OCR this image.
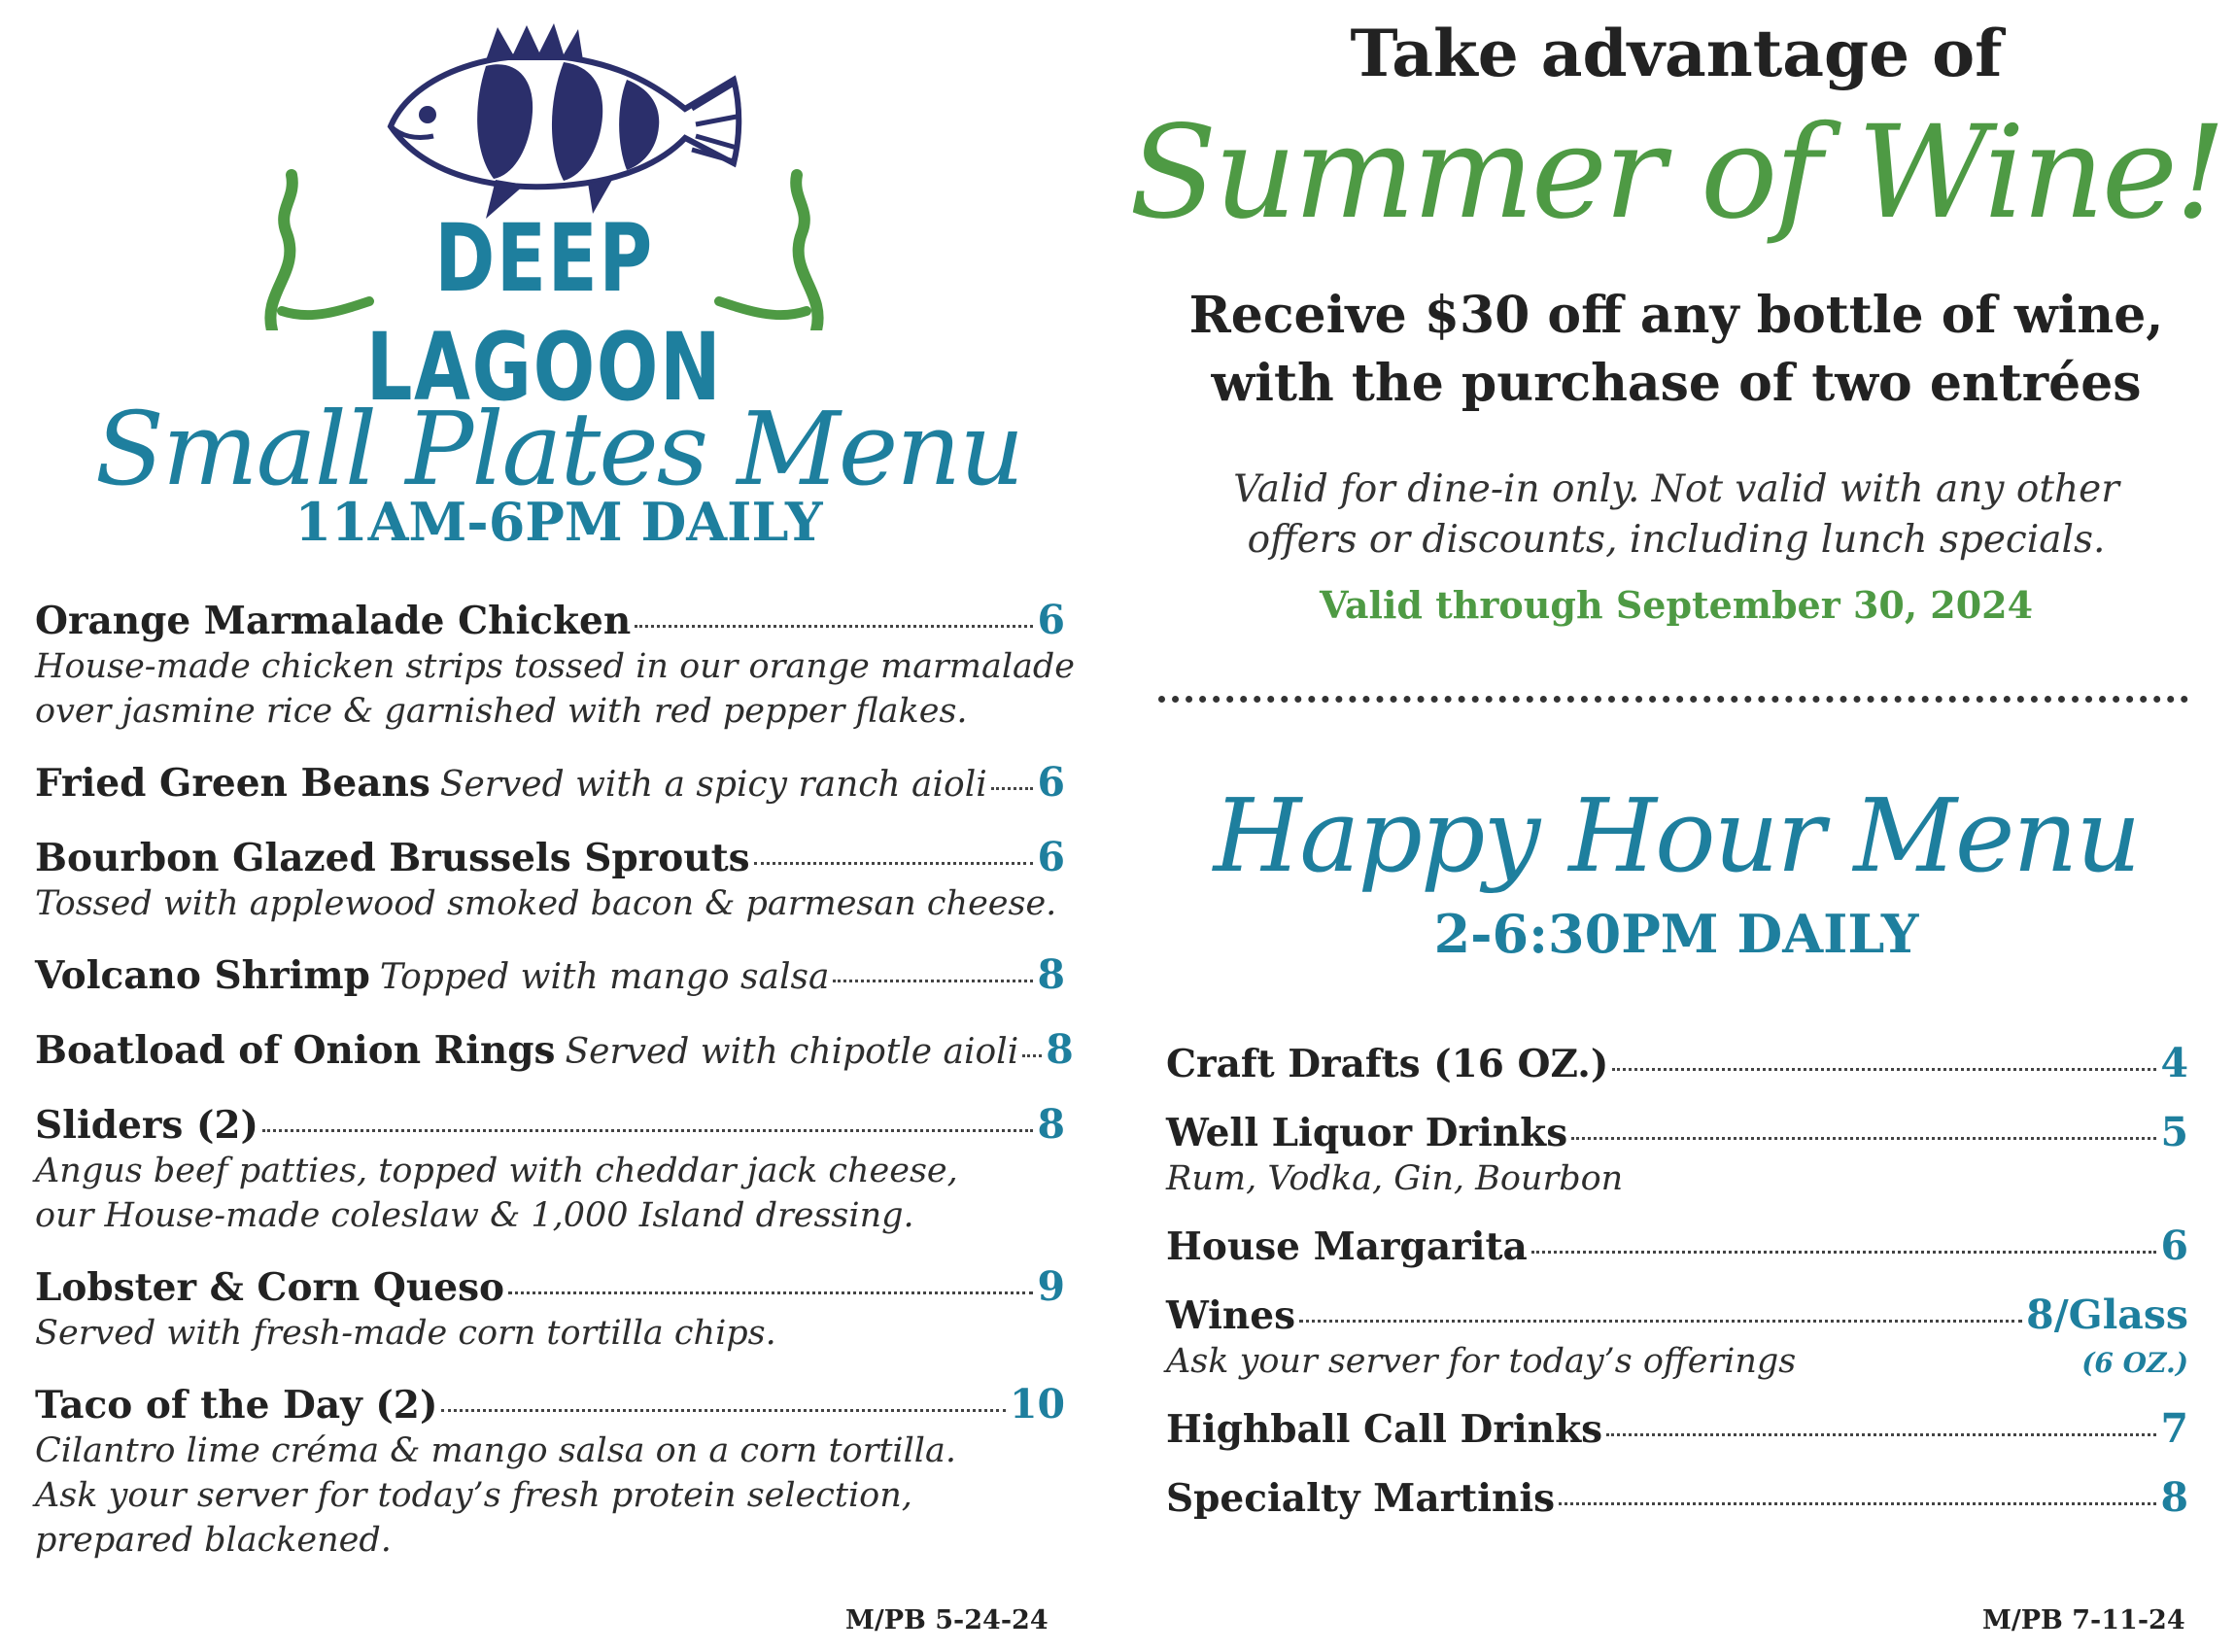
DEEP LAGOON
Small Plates Menu
11AM-6PM DAILY
Orange Marmalade Chicken	6
House-made chicken strips tossed in our orange marmalade
over jasmine rice & garnished with red pepper flakes.
Fried Green Beans Served with a spicy ranch aioli 6
Bourbon Glazed Brussels Sprouts	6
Tossed with applewood smoked bacon & parmesan cheese.
Volcano Shrimp Topped with mango salsa	8
Boatload of Onion Rings Served with chipotle aioli 8
Sliders (2)	8
Angus beef patties, topped with cheddar jack cheese,
our House-made coleslaw & 1,000 Island dressing.
Lobster & Corn Queso	9
Served with fresh-made corn tortilla chips.
Taco of the Day (2)	10
Cilantro lime créma & mango salsa on a corn tortilla.
Ask your server for today’s fresh protein selection,
prepared blackened.
M/PB 5-24-24
Take advantage of
Summer of Wine!
Receive $30 off any bottle of wine,
with the purchase of two entrées
Valid for dine-in only. Not valid with any other
offers or discounts, including lunch specials.
Valid through September 30, 2024
Happy Hour Menu
2-6:30PM DAILY
Craft Drafts (16 OZ.)	4
Well Liquor Drinks	5
Rum, Vodka, Gin, Bourbon
House Margarita	6
Wines	8/Glass
Ask your server for today’s offerings	(6 OZ.)
Highball Call Drinks	7
Specialty Martinis	8
M/PB 7-11-24
